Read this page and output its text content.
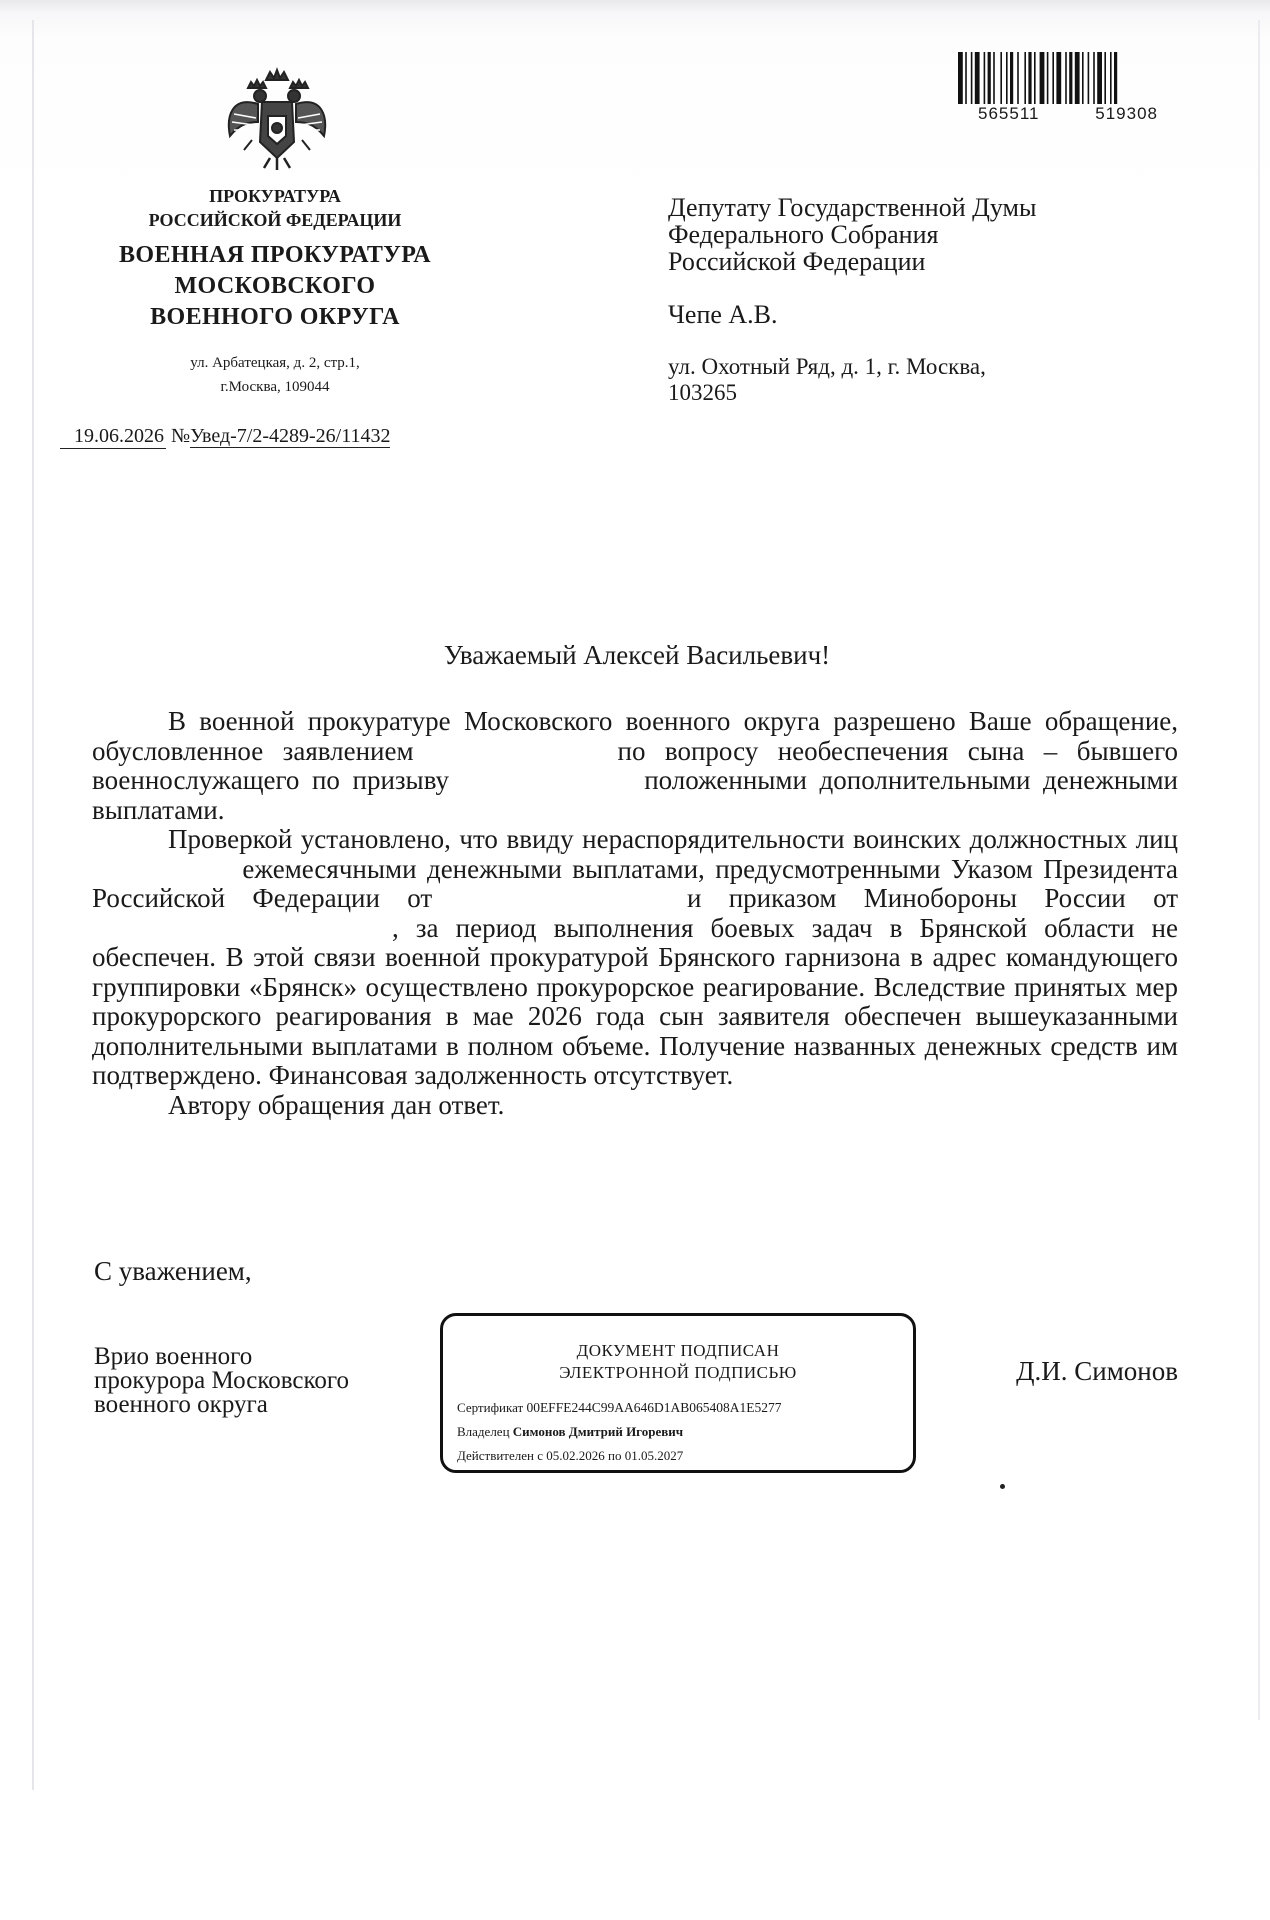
565511	519308
ПРОКУРАТУРА
РОССИЙСКОЙ ФЕДЕРАЦИИ
ВОЕННАЯ ПРОКУРАТУРА
МОСКОВСКОГО
ВОЕННОГО ОКРУГА
ул. Арбатецкая, д. 2, стр.1,
г.Москва, 109044
19.06.2026 №Увед-7/2-4289-26/11432
Депутату Государственной Думы
Федерального Собрания
Российской Федерации
Чепе А.В.
ул. Охотный Ряд, д. 1, г. Москва,
103265
Уважаемый Алексей Васильевич!

В военной прокуратуре Московского военного округа разрешено Ваше обращение, обусловленное заявлением	по вопросу необеспечения сына – бывшего военнослужащего по призыву	положенными дополнительными денежными выплатами.

Проверкой установлено, что ввиду нераспорядительности воинских должностных лиц  ежемесячными денежными выплатами, предусмотренными Указом Президента Российской Федерации от	и приказом Минобороны России от , за период выполнения боевых задач в Брянской области не обеспечен. В этой связи военной прокуратурой Брянского гарнизона в адрес командующего группировки «Брянск» осуществлено прокурорское реагирование. Вследствие принятых мер прокурорского реагирования в мае 2026 года сын заявителя обеспечен вышеуказанными дополнительными выплатами в полном объеме. Получение названных денежных средств им подтверждено. Финансовая задолженность отсутствует.

Автору обращения дан ответ.

С уважением,
Врио военного
прокурора Московского
военного округа
ДОКУМЕНТ ПОДПИСАН
ЭЛЕКТРОННОЙ ПОДПИСЬЮ
Сертификат 00EFFE244C99AA646D1AB065408A1E5277
Владелец Симонов Дмитрий Игоревич
Действителен с 05.02.2026 по 01.05.2027
Д.И. Симонов
